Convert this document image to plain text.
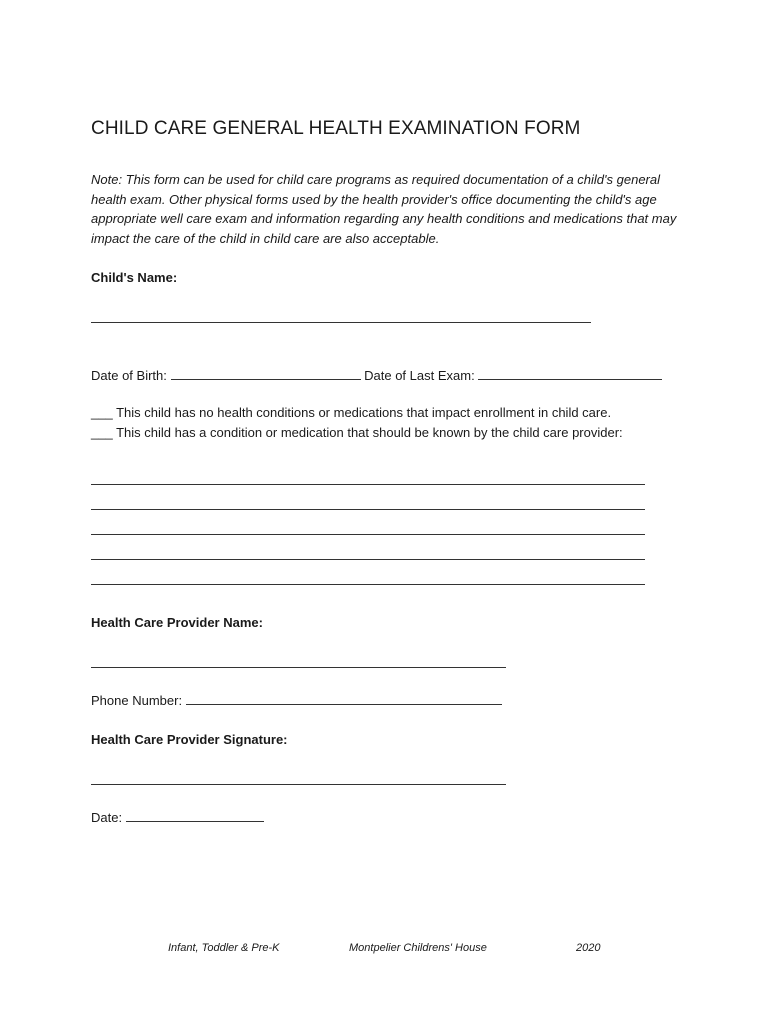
CHILD CARE GENERAL HEALTH EXAMINATION FORM
Note: This form can be used for child care programs as required documentation of a child's general health exam. Other physical forms used by the health provider's office documenting the child's age appropriate well care exam and information regarding any health conditions and medications that may impact the care of the child in child care are also acceptable.
Child's Name:
Date of Birth:	Date of Last Exam:
___ This child has no health conditions or medications that impact enrollment in child care.
___ This child has a condition or medication that should be known by the child care provider:
Health Care Provider Name:
Phone Number:
Health Care Provider Signature:
Date:
Infant, Toddler & Pre-K	Montpelier Childrens' House	2020
